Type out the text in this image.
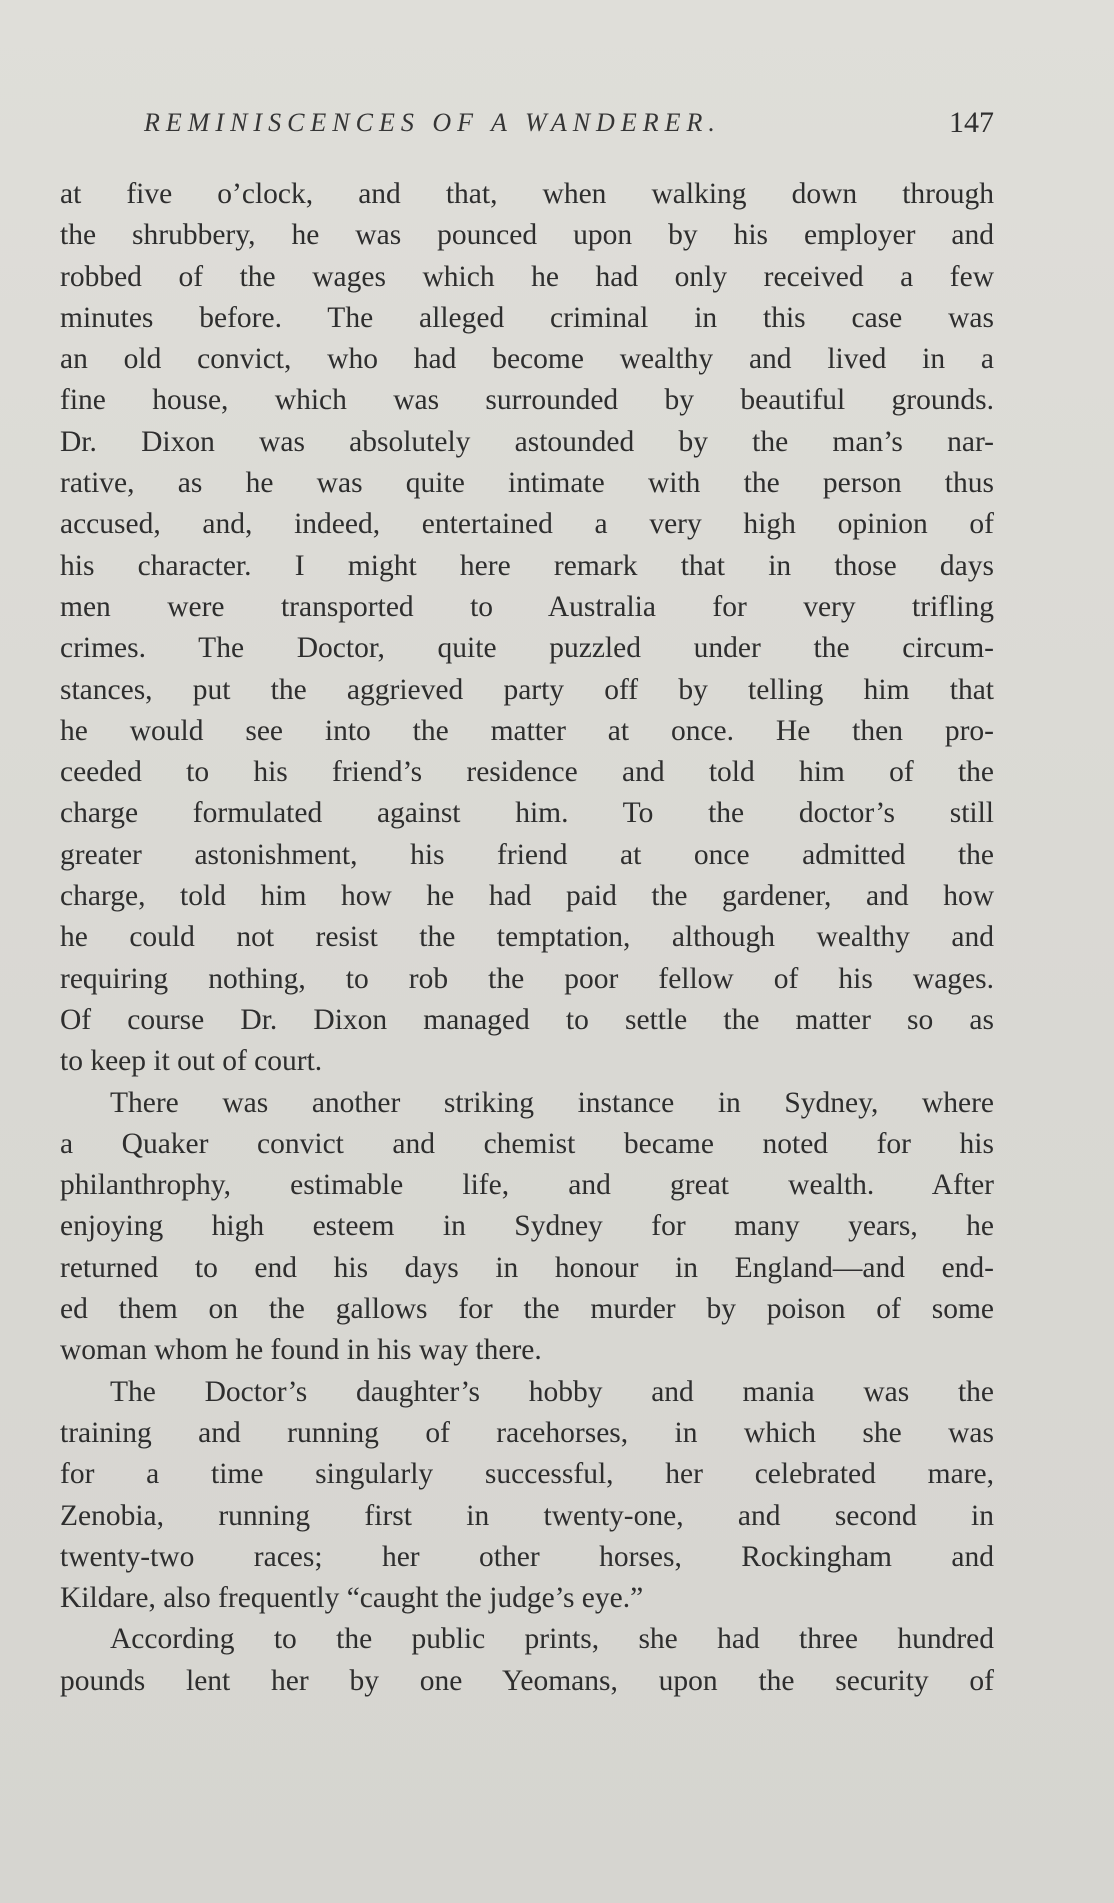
REMINISCENCES OF A WANDERER.	147
at five o’clock, and that, when walking down through
the shrubbery, he was pounced upon by his employer and
robbed of the wages which he had only received a few
minutes before. The alleged criminal in this case was
an old convict, who had become wealthy and lived in a
fine house, which was surrounded by beautiful grounds.
Dr. Dixon was absolutely astounded by the man’s nar-
rative, as he was quite intimate with the person thus
accused, and, indeed, entertained a very high opinion of
his character. I might here remark that in those days
men were transported to Australia for very trifling
crimes. The Doctor, quite puzzled under the circum-
stances, put the aggrieved party off by telling him that
he would see into the matter at once. He then pro-
ceeded to his friend’s residence and told him of the
charge formulated against him. To the doctor’s still
greater astonishment, his friend at once admitted the
charge, told him how he had paid the gardener, and how
he could not resist the temptation, although wealthy and
requiring nothing, to rob the poor fellow of his wages.
Of course Dr. Dixon managed to settle the matter so as
to keep it out of court.
There was another striking instance in Sydney, where
a Quaker convict and chemist became noted for his
philanthrophy, estimable life, and great wealth. After
enjoying high esteem in Sydney for many years, he
returned to end his days in honour in England—and end-
ed them on the gallows for the murder by poison of some
woman whom he found in his way there.
The Doctor’s daughter’s hobby and mania was the
training and running of racehorses, in which she was
for a time singularly successful, her celebrated mare,
Zenobia, running first in twenty-one, and second in
twenty-two races; her other horses, Rockingham and
Kildare, also frequently “caught the judge’s eye.”
According to the public prints, she had three hundred
pounds lent her by one Yeomans, upon the security of
